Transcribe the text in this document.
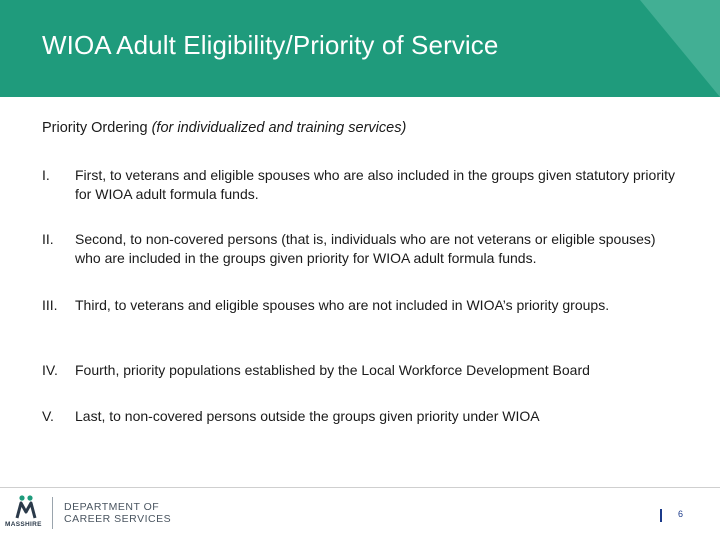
WIOA Adult Eligibility/Priority of Service
Priority Ordering (for individualized and training services)
I.	First, to veterans and eligible spouses who are also included in the groups given statutory priority for WIOA adult formula funds.
II.	Second, to non-covered persons (that is, individuals who are not veterans or eligible spouses) who are included in the groups given priority for WIOA adult formula funds.
III.	Third, to veterans and eligible spouses who are not included in WIOA’s priority groups.
IV.	Fourth, priority populations established by the Local Workforce Development Board
V.	Last, to non-covered persons outside the groups given priority under WIOA
MASSHIRE
DEPARTMENT OF
CAREER SERVICES	6
